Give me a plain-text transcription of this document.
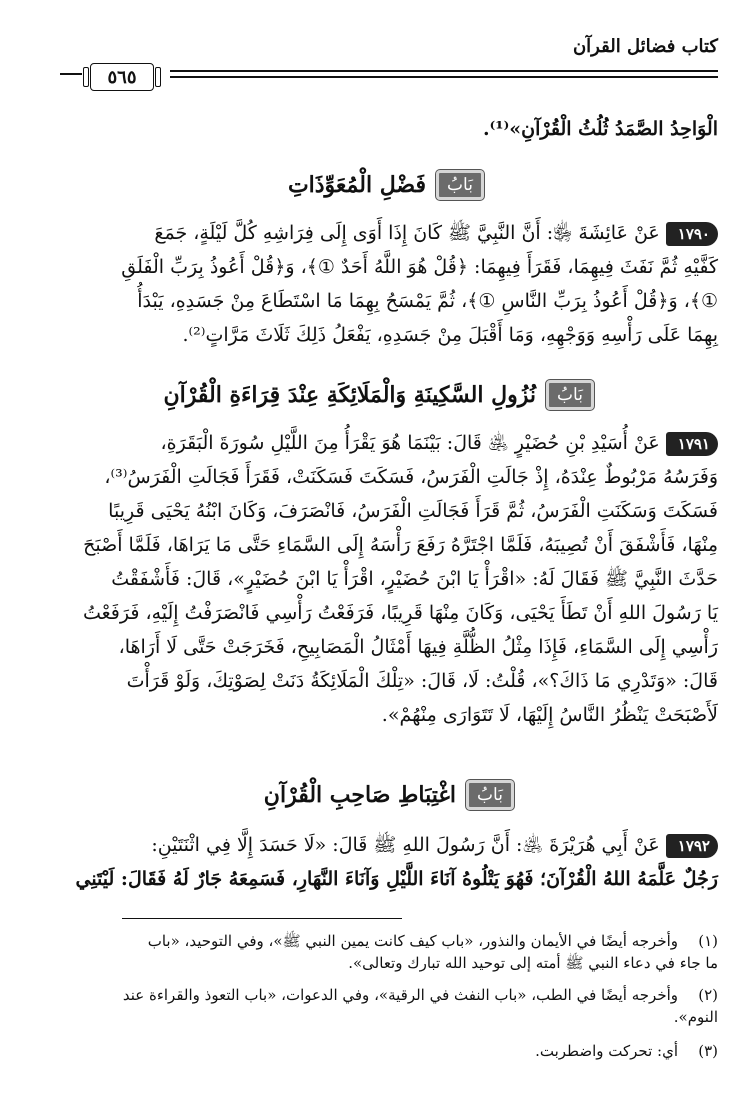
كتاب فضائل القرآن
٥٦٥
الْوَاحِدُ الصَّمَدُ ثُلُثُ الْقُرْآنِ»⁽¹⁾.
بَابُ
فَضْلِ الْمُعَوِّذَاتِ
١٧٩٠عَنْ عَائِشَةَ ﵂: أَنَّ النَّبِيَّ ﷺ كَانَ إِذَا أَوَى إِلَى فِرَاشِهِ كُلَّ لَيْلَةٍ، جَمَعَ
كَفَّيْهِ ثُمَّ نَفَثَ فِيهِمَا، فَقَرَأَ فِيهِمَا: ﴿قُلْ هُوَ اللَّهُ أَحَدٌ ①﴾، وَ﴿قُلْ أَعُوذُ بِرَبِّ الْفَلَقِ
①﴾، وَ﴿قُلْ أَعُوذُ بِرَبِّ النَّاسِ ①﴾، ثُمَّ يَمْسَحُ بِهِمَا مَا اسْتَطَاعَ مِنْ جَسَدِهِ، يَبْدَأُ
بِهِمَا عَلَى رَأْسِهِ وَوَجْهِهِ، وَمَا أَقْبَلَ مِنْ جَسَدِهِ، يَفْعَلُ ذَلِكَ ثَلَاثَ مَرَّاتٍ⁽²⁾.
بَابُ
نُزُولِ السَّكِينَةِ وَالْمَلَائِكَةِ عِنْدَ قِرَاءَةِ الْقُرْآنِ
١٧٩١عَنْ أُسَيْدِ بْنِ حُضَيْرٍ ﵁ قَالَ: بَيْنَمَا هُوَ يَقْرَأُ مِنَ اللَّيْلِ سُورَةَ الْبَقَرَةِ،
وَفَرَسُهُ مَرْبُوطٌ عِنْدَهُ، إِذْ جَالَتِ الْفَرَسُ، فَسَكَتَ فَسَكَنَتْ، فَقَرَأَ فَجَالَتِ الْفَرَسُ⁽³⁾،
فَسَكَتَ وَسَكَنَتِ الْفَرَسُ، ثُمَّ قَرَأَ فَجَالَتِ الْفَرَسُ، فَانْصَرَفَ، وَكَانَ ابْنُهُ يَحْيَى قَرِيبًا
مِنْهَا، فَأَشْفَقَ أَنْ تُصِيبَهُ، فَلَمَّا اجْتَرَّهُ رَفَعَ رَأْسَهُ إِلَى السَّمَاءِ حَتَّى مَا يَرَاهَا، فَلَمَّا أَصْبَحَ
حَدَّثَ النَّبِيَّ ﷺ فَقَالَ لَهُ: «اقْرَأْ يَا ابْنَ حُضَيْرٍ، اقْرَأْ يَا ابْنَ حُضَيْرٍ»، قَالَ: فَأَشْفَقْتُ
يَا رَسُولَ اللهِ أَنْ تَطَأَ يَحْيَى، وَكَانَ مِنْهَا قَرِيبًا، فَرَفَعْتُ رَأْسِي فَانْصَرَفْتُ إِلَيْهِ، فَرَفَعْتُ
رَأْسِي إِلَى السَّمَاءِ، فَإِذَا مِثْلُ الظُّلَّةِ فِيهَا أَمْثَالُ الْمَصَابِيحِ، فَخَرَجَتْ حَتَّى لَا أَرَاهَا،
قَالَ: «وَتَدْرِي مَا ذَاكَ؟»، قُلْتُ: لَا، قَالَ: «تِلْكَ الْمَلَائِكَةُ دَنَتْ لِصَوْتِكَ، وَلَوْ قَرَأْتَ
لَأَصْبَحَتْ يَنْظُرُ النَّاسُ إِلَيْهَا، لَا تَتَوَارَى مِنْهُمْ».
بَابُ
اغْتِبَاطِ صَاحِبِ الْقُرْآنِ
١٧٩٢عَنْ أَبِي هُرَيْرَةَ ﵁: أَنَّ رَسُولَ اللهِ ﷺ قَالَ: «لَا حَسَدَ إِلَّا فِي اثْنَتَيْنِ:
رَجُلٌ عَلَّمَهُ اللهُ الْقُرْآنَ؛ فَهُوَ يَتْلُوهُ آنَاءَ اللَّيْلِ وَآنَاءَ النَّهَارِ، فَسَمِعَهُ جَارٌ لَهُ فَقَالَ: لَيْتَنِي
(١)وأخرجه أيضًا في الأيمان والنذور، «باب كيف كانت يمين النبي ﷺ»، وفي التوحيد، «باب
ما جاء في دعاء النبي ﷺ أمته إلى توحيد الله تبارك وتعالى».
(٢)وأخرجه أيضًا في الطب، «باب النفث في الرقية»، وفي الدعوات، «باب التعوذ والقراءة عند
النوم».
(٣)أي: تحركت واضطربت.
